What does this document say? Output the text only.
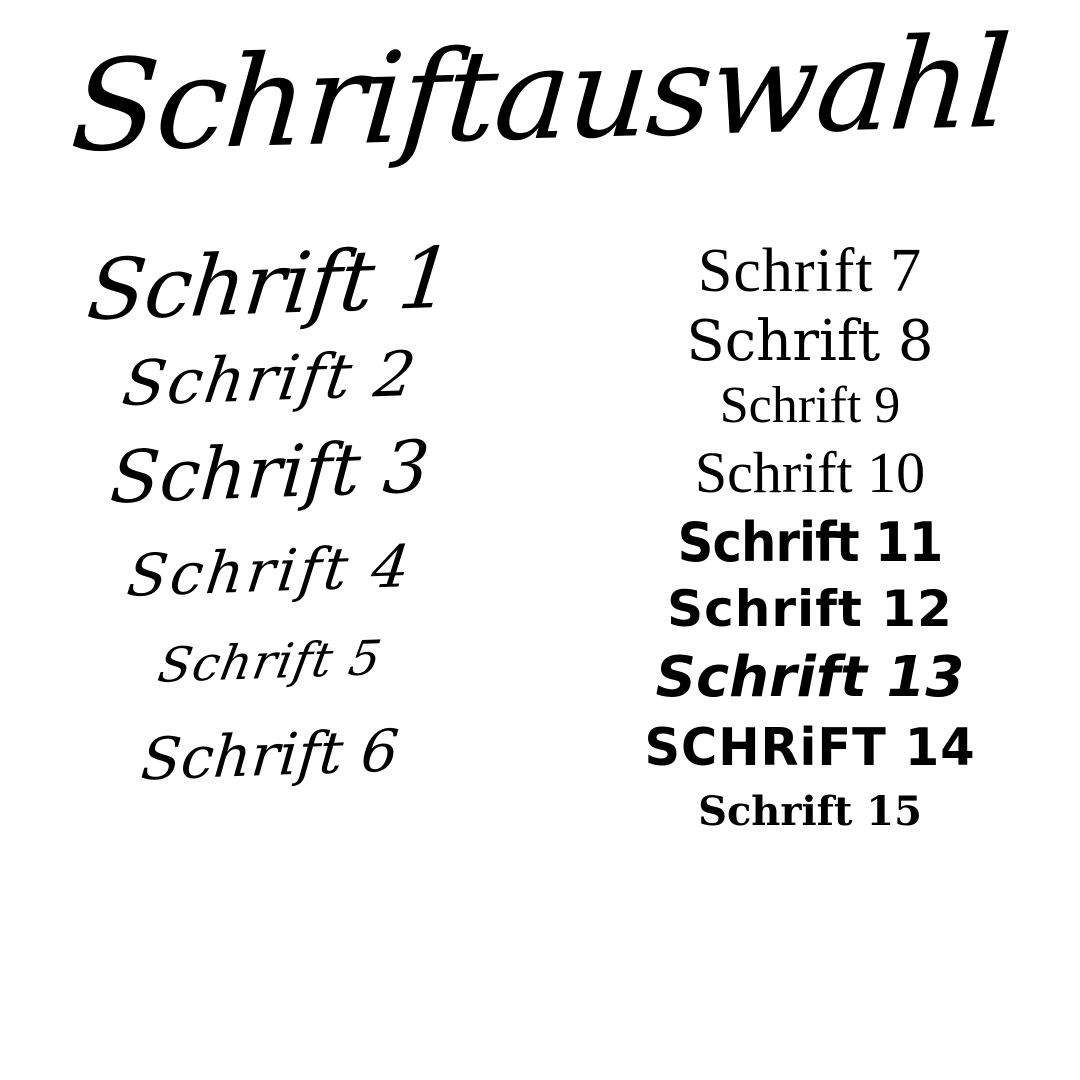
Schriftauswahl
Schrift 1
Schrift 2
Schrift 3
Schrift 4
Schrift 5
Schrift 6
Schrift 7
Schrift 8
Schrift 9
Schrift 10
Schrift 11
Schrift 12
Schrift 13
SCHRiFT 14
Schrift 15
